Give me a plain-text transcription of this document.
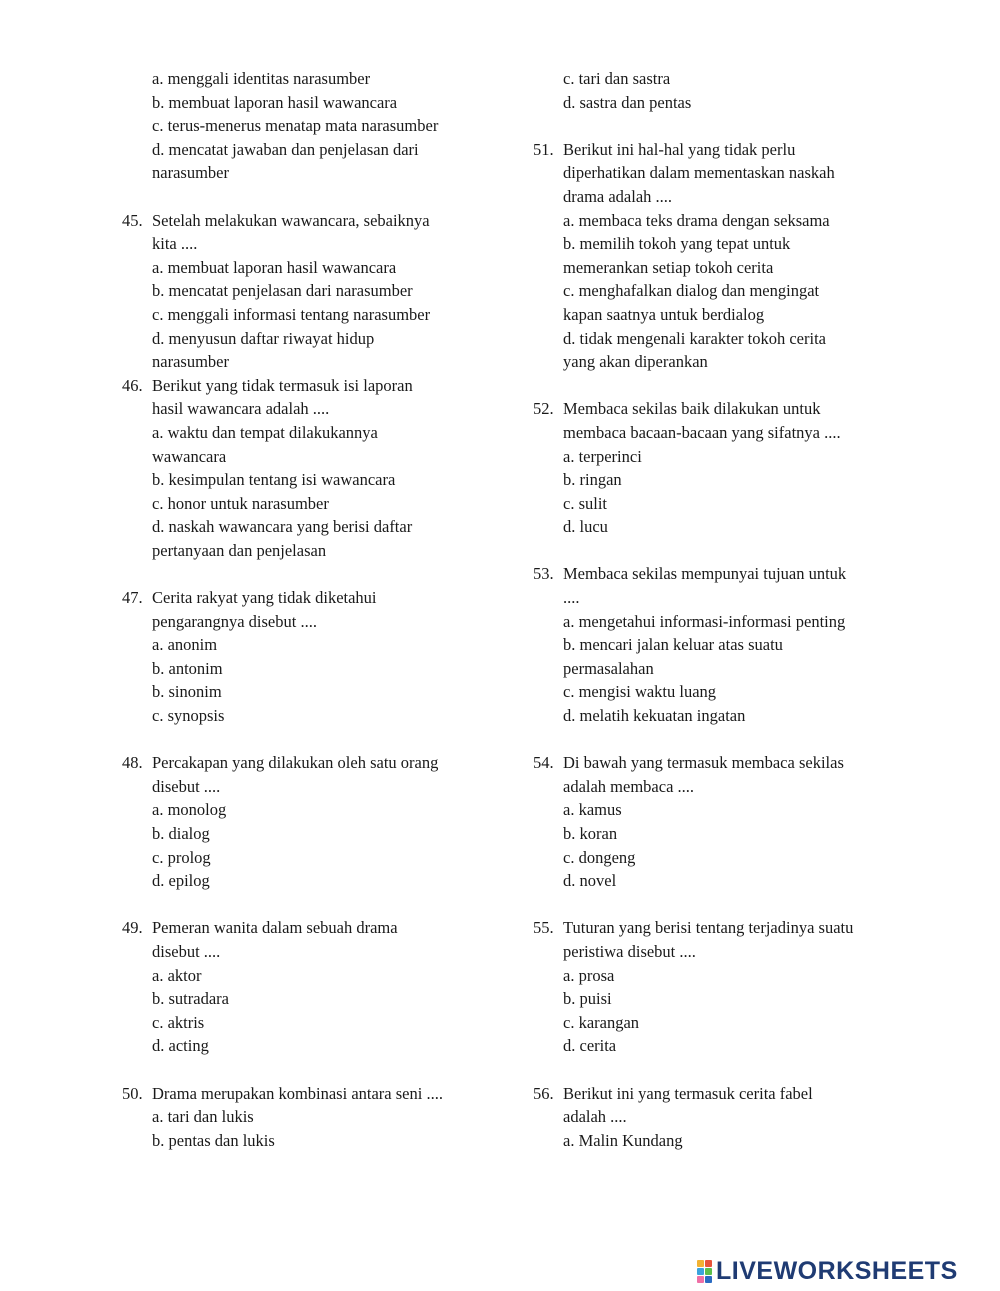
a. menggali identitas narasumber
b. membuat laporan hasil wawancara
c. terus-menerus menatap mata narasumber
d. mencatat jawaban dan penjelasan dari
narasumber
45. Setelah melakukan wawancara, sebaiknya
kita ....
a. membuat laporan hasil wawancara
b. mencatat penjelasan dari narasumber
c. menggali informasi tentang narasumber
d. menyusun daftar riwayat hidup
narasumber
46. Berikut yang tidak termasuk isi laporan
hasil wawancara adalah ....
a. waktu dan tempat dilakukannya
wawancara
b. kesimpulan tentang isi wawancara
c. honor untuk narasumber
d. naskah wawancara yang berisi daftar
pertanyaan dan penjelasan
47. Cerita rakyat yang tidak diketahui
pengarangnya disebut ....
a. anonim
b. antonim
b. sinonim
c. synopsis
48. Percakapan yang dilakukan oleh satu orang
disebut ....
a. monolog
b. dialog
c. prolog
d. epilog
49. Pemeran wanita dalam sebuah drama
disebut ....
a. aktor
b. sutradara
c. aktris
d. acting
50. Drama merupakan kombinasi antara seni ....
a. tari dan lukis
b. pentas dan lukis
c. tari dan sastra
d. sastra dan pentas
51. Berikut ini hal-hal yang tidak perlu
diperhatikan dalam mementaskan naskah
drama adalah ....
a. membaca teks drama dengan seksama
b. memilih tokoh yang tepat untuk
memerankan setiap tokoh cerita
c. menghafalkan dialog dan mengingat
kapan saatnya untuk berdialog
d. tidak mengenali karakter tokoh cerita
yang akan diperankan
52. Membaca sekilas baik dilakukan untuk
membaca bacaan-bacaan yang sifatnya ....
a. terperinci
b. ringan
c. sulit
d. lucu
53. Membaca sekilas mempunyai tujuan untuk
....
a. mengetahui informasi-informasi penting
b. mencari jalan keluar atas suatu
permasalahan
c. mengisi waktu luang
d. melatih kekuatan ingatan
54. Di bawah yang termasuk membaca sekilas
adalah membaca ....
a. kamus
b. koran
c. dongeng
d. novel
55. Tuturan yang berisi tentang terjadinya suatu
peristiwa disebut ....
a. prosa
b. puisi
c. karangan
d. cerita
56. Berikut ini yang termasuk cerita fabel
adalah ....
a. Malin Kundang
LIVEWORKSHEETS
